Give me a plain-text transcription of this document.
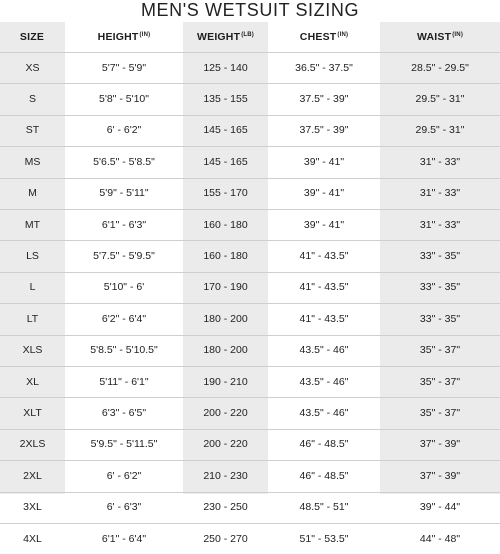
MEN'S WETSUIT SIZING
SIZE	$HEIGHT^{(IN)}$	$WEIGHT^{(LB)}$	$CHEST^{(IN)}$	$WAIST^{(IN)}$
XS	5'7" - 5'9"	125 - 140	36.5" - 37.5"	28.5" - 29.5"
S	5'8" - 5'10"	135 - 155	37.5" - 39"	29.5" - 31"
ST	6' - 6'2"	145 - 165	37.5" - 39"	29.5" - 31"
MS	5'6.5" - 5'8.5"	145 - 165	39" - 41"	31" - 33"
M	5'9" - 5'11"	155 - 170	39" - 41"	31" - 33"
MT	6'1" - 6'3"	160 - 180	39" - 41"	31" - 33"
LS	5'7.5" - 5'9.5"	160 - 180	41" - 43.5"	33" - 35"
L	5'10" - 6'	170 - 190	41" - 43.5"	33" - 35"
LT	6'2" - 6'4"	180 - 200	41" - 43.5"	33" - 35"
XLS	5'8.5" - 5'10.5"	180 - 200	43.5" - 46"	35" - 37"
XL	5'11" - 6'1"	190 - 210	43.5" - 46"	35" - 37"
XLT	6'3" - 6'5"	200 - 220	43.5" - 46"	35" - 37"
2XLS	5'9.5" - 5'11.5"	200 - 220	46" - 48.5"	37" - 39"
2XL	6' - 6'2"	210 - 230	46" - 48.5"	37" - 39"
3XL	6' - 6'3"	230 - 250	48.5" - 51"	39" - 44"
4XL	6'1" - 6'4"	250 - 270	51" - 53.5"	44" - 48"
